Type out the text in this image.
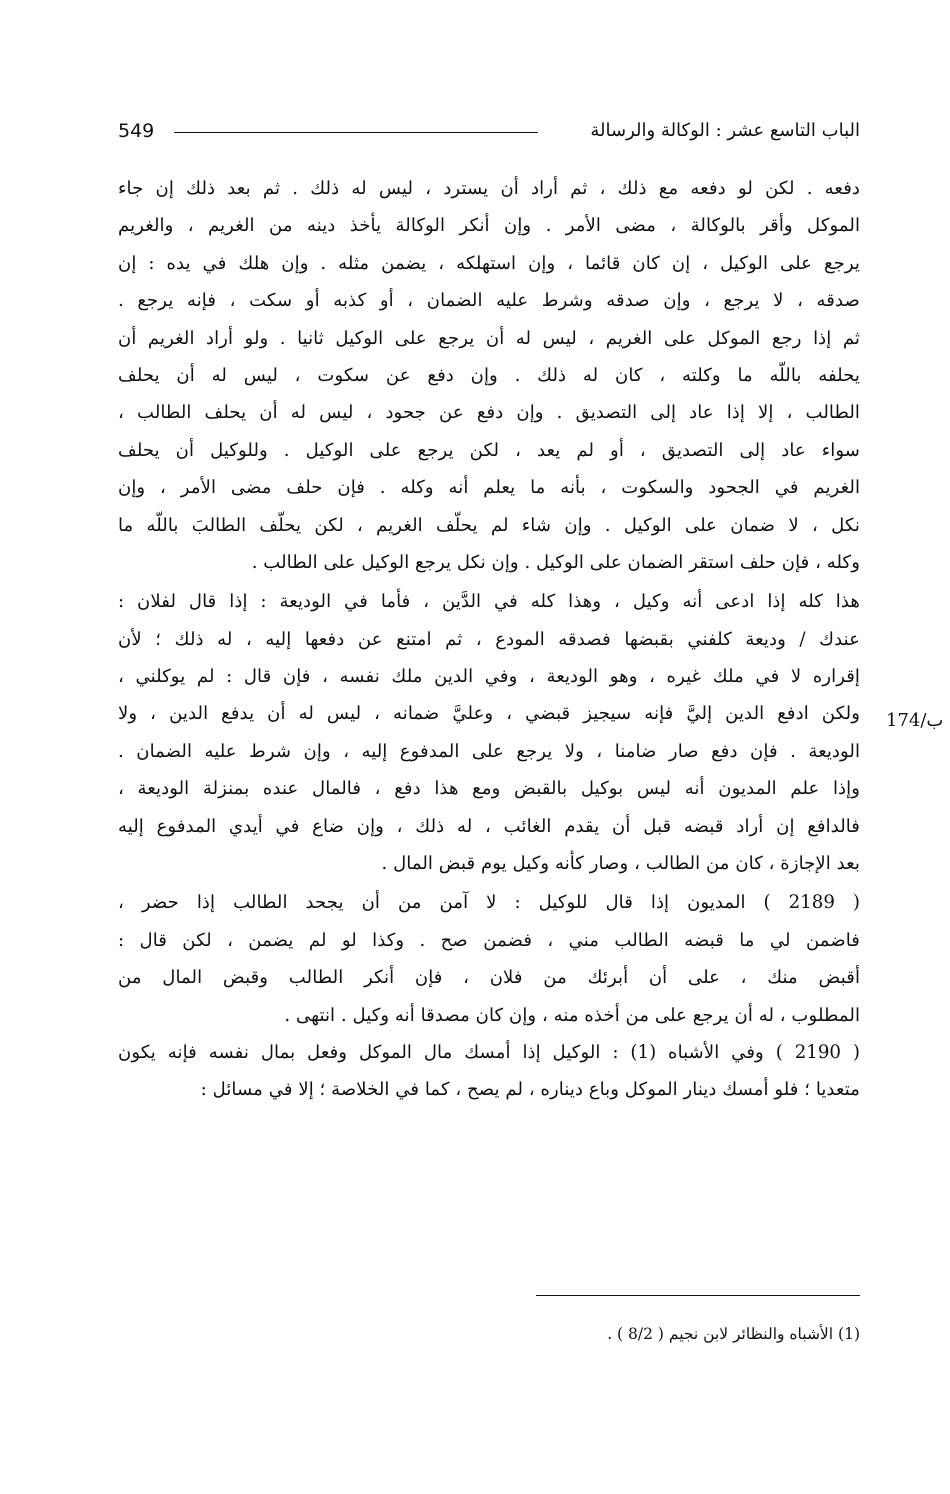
549	الباب التاسع عشر : الوكالة والرسالة
174/ب
دفعه . لكن لو دفعه مع ذلك ، ثم أراد أن يسترد ، ليس له ذلك . ثم بعد ذلك إن جاء
الموكل وأقر بالوكالة ، مضى الأمر . وإن أنكر الوكالة يأخذ دينه من الغريم ، والغريم
يرجع على الوكيل ، إن كان قائما ، وإن استهلكه ، يضمن مثله . وإن هلك في يده : إن
صدقه ، لا يرجع ، وإن صدقه وشرط عليه الضمان ، أو كذبه أو سكت ، فإنه يرجع .
ثم إذا رجع الموكل على الغريم ، ليس له أن يرجع على الوكيل ثانيا . ولو أراد الغريم أن
يحلفه باللّه ما وكلته ، كان له ذلك . وإن دفع عن سكوت ، ليس له أن يحلف
الطالب ، إلا إذا عاد إلى التصديق . وإن دفع عن جحود ، ليس له أن يحلف الطالب ،
سواء عاد إلى التصديق ، أو لم يعد ، لكن يرجع على الوكيل . وللوكيل أن يحلف
الغريم في الجحود والسكوت ، بأنه ما يعلم أنه وكله . فإن حلف مضى الأمر ، وإن
نكل ، لا ضمان على الوكيل . وإن شاء لم يحلّف الغريم ، لكن يحلّف الطالبَ باللّه ما
وكله ، فإن حلف استقر الضمان على الوكيل . وإن نكل يرجع الوكيل على الطالب .
هذا كله إذا ادعى أنه وكيل ، وهذا كله في الدَّين ، فأما في الوديعة : إذا قال لفلان :
عندك / وديعة كلفني بقبضها فصدقه المودع ، ثم امتنع عن دفعها إليه ، له ذلك ؛ لأن
إقراره لا في ملك غيره ، وهو الوديعة ، وفي الدين ملك نفسه ، فإن قال : لم يوكلني ،
ولكن ادفع الدين إليَّ فإنه سيجيز قبضي ، وعليَّ ضمانه ، ليس له أن يدفع الدين ، ولا
الوديعة . فإن دفع صار ضامنا ، ولا يرجع على المدفوع إليه ، وإن شرط عليه الضمان .
وإذا علم المديون أنه ليس بوكيل بالقبض ومع هذا دفع ، فالمال عنده بمنزلة الوديعة ،
فالدافع إن أراد قبضه قبل أن يقدم الغائب ، له ذلك ، وإن ضاع في أيدي المدفوع إليه
بعد الإجازة ، كان من الطالب ، وصار كأنه وكيل يوم قبض المال .
( 2189 ) المديون إذا قال للوكيل : لا آمن من أن يجحد الطالب إذا حضر ،
فاضمن لي ما قبضه الطالب مني ، فضمن صح . وكذا لو لم يضمن ، لكن قال :
أقبض منك ، على أن أبرئك من فلان ، فإن أنكر الطالب وقبض المال من
المطلوب ، له أن يرجع على من أخذه منه ، وإن كان مصدقا أنه وكيل . انتهى .
( 2190 ) وفي الأشباه (1) : الوكيل إذا أمسك مال الموكل وفعل بمال نفسه فإنه يكون
متعديا ؛ فلو أمسك دينار الموكل وباع ديناره ، لم يصح ، كما في الخلاصة ؛ إلا في مسائل :
(1) الأشباه والنظائر لابن نجيم ( 8/2 ) .
